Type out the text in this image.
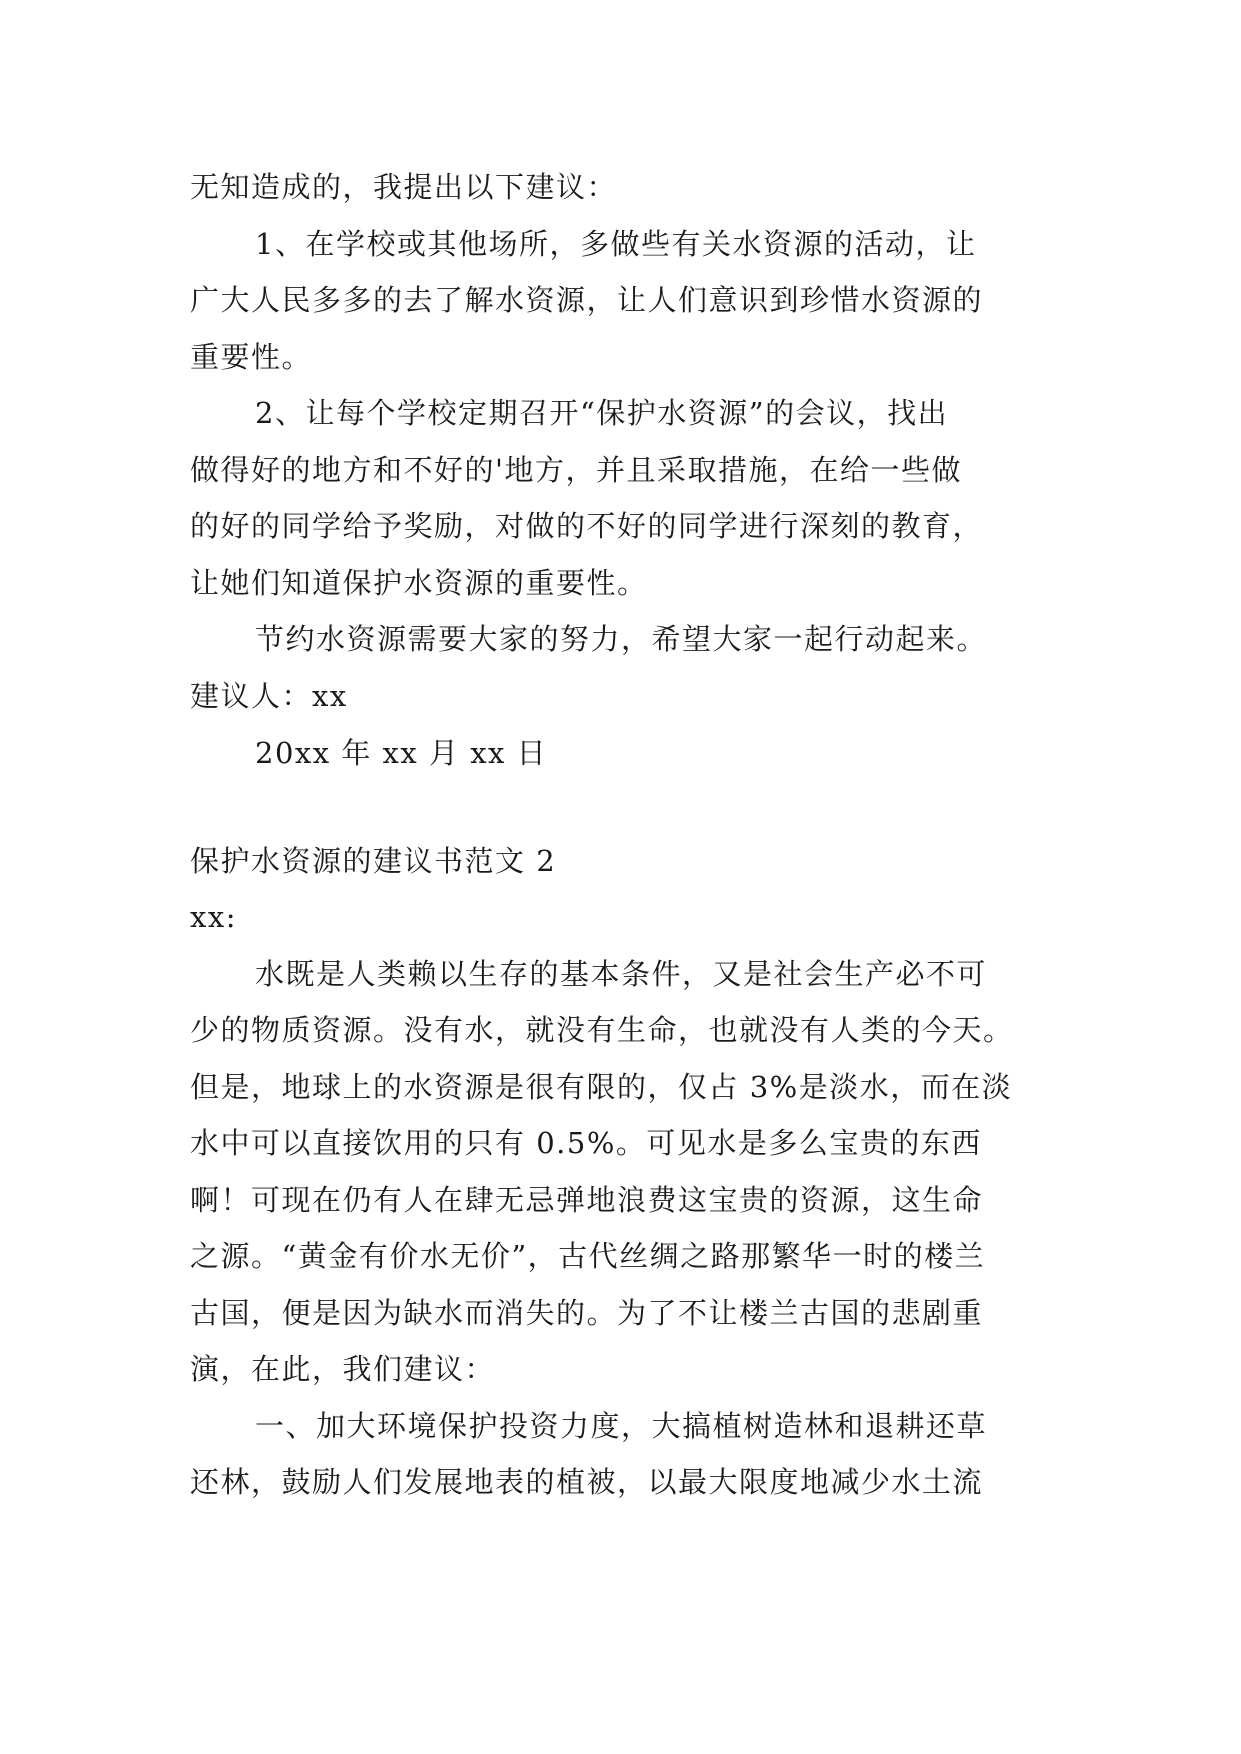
无知造成的，我提出以下建议：
1、在学校或其他场所，多做些有关水资源的活动，让
广大人民多多的去了解水资源，让人们意识到珍惜水资源的
重要性。
2、让每个学校定期召开“保护水资源”的会议，找出
做得好的地方和不好的'地方，并且采取措施，在给一些做
的好的同学给予奖励，对做的不好的同学进行深刻的教育，
让她们知道保护水资源的重要性。
节约水资源需要大家的努力，希望大家一起行动起来。
建议人：xx
20xx 年 xx 月 xx 日
保护水资源的建议书范文 2
xx:
水既是人类赖以生存的基本条件，又是社会生产必不可
少的物质资源。没有水，就没有生命，也就没有人类的今天。
但是，地球上的水资源是很有限的，仅占 3%是淡水，而在淡
水中可以直接饮用的只有 0.5%。可见水是多么宝贵的东西
啊！可现在仍有人在肆无忌弹地浪费这宝贵的资源，这生命
之源。“黄金有价水无价”，古代丝绸之路那繁华一时的楼兰
古国，便是因为缺水而消失的。为了不让楼兰古国的悲剧重
演，在此，我们建议：
一、加大环境保护投资力度，大搞植树造林和退耕还草
还林，鼓励人们发展地表的植被，以最大限度地减少水土流
